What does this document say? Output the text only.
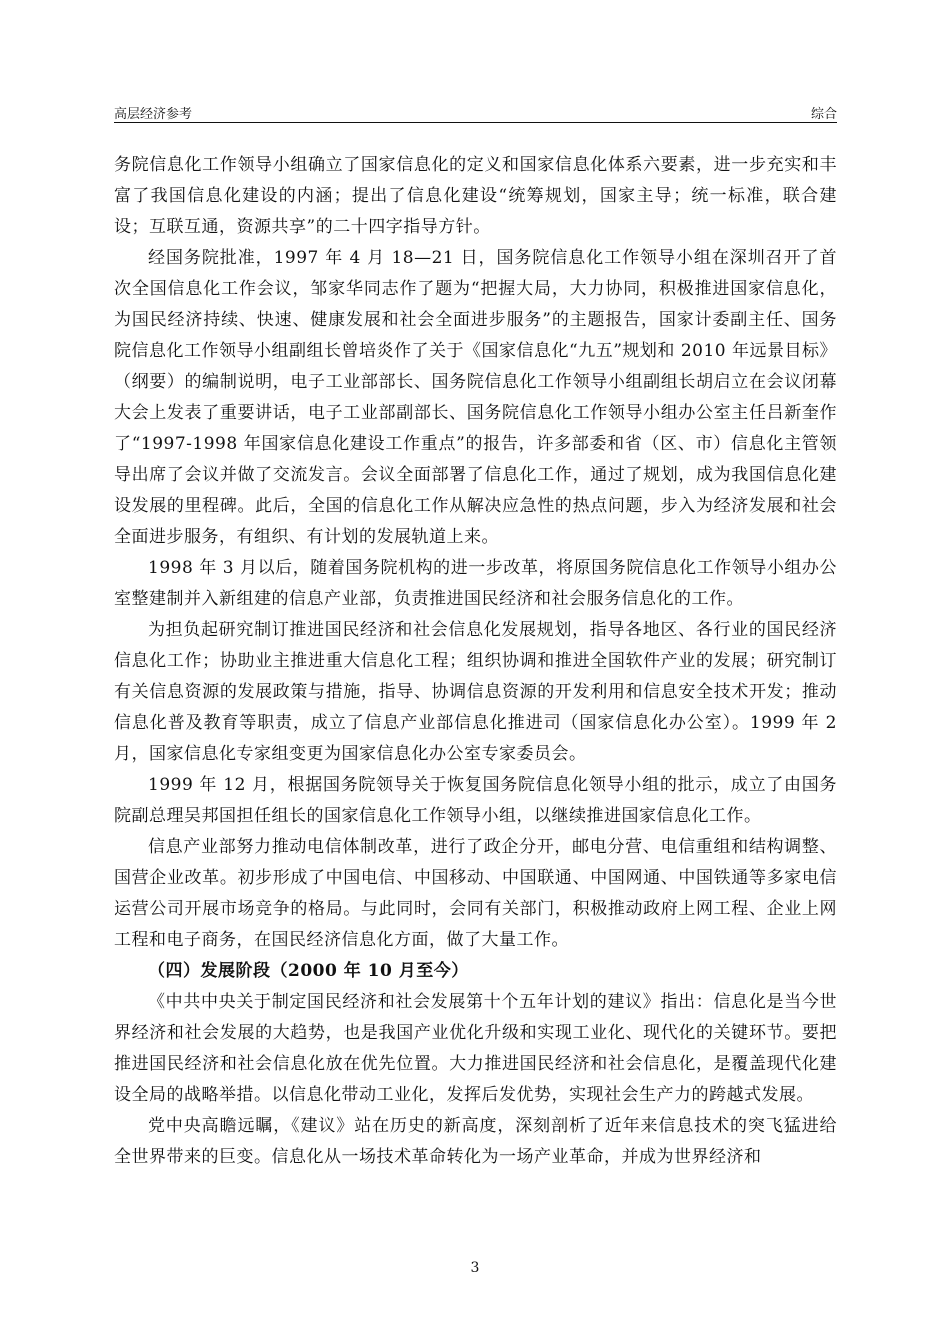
高层经济参考	综合

务院信息化工作领导小组确立了国家信息化的定义和国家信息化体系六要素，进一步充实和丰富了我国信息化建设的内涵；提出了信息化建设“统筹规划，国家主导；统一标准，联合建设；互联互通，资源共享”的二十四字指导方针。

经国务院批准，1997 年 4 月 18—21 日，国务院信息化工作领导小组在深圳召开了首次全国信息化工作会议，邹家华同志作了题为“把握大局，大力协同，积极推进国家信息化，为国民经济持续、快速、健康发展和社会全面进步服务”的主题报告，国家计委副主任、国务院信息化工作领导小组副组长曾培炎作了关于《国家信息化“九五”规划和 2010 年远景目标》（纲要）的编制说明，电子工业部部长、国务院信息化工作领导小组副组长胡启立在会议闭幕大会上发表了重要讲话，电子工业部副部长、国务院信息化工作领导小组办公室主任吕新奎作了“1997-1998 年国家信息化建设工作重点”的报告，许多部委和省（区、市）信息化主管领导出席了会议并做了交流发言。会议全面部署了信息化工作，通过了规划，成为我国信息化建设发展的里程碑。此后，全国的信息化工作从解决应急性的热点问题，步入为经济发展和社会全面进步服务，有组织、有计划的发展轨道上来。

1998 年 3 月以后，随着国务院机构的进一步改革，将原国务院信息化工作领导小组办公室整建制并入新组建的信息产业部，负责推进国民经济和社会服务信息化的工作。

为担负起研究制订推进国民经济和社会信息化发展规划，指导各地区、各行业的国民经济信息化工作；协助业主推进重大信息化工程；组织协调和推进全国软件产业的发展；研究制订有关信息资源的发展政策与措施，指导、协调信息资源的开发利用和信息安全技术开发；推动信息化普及教育等职责，成立了信息产业部信息化推进司（国家信息化办公室）。1999 年 2 月，国家信息化专家组变更为国家信息化办公室专家委员会。

1999 年 12 月，根据国务院领导关于恢复国务院信息化领导小组的批示，成立了由国务院副总理吴邦国担任组长的国家信息化工作领导小组，以继续推进国家信息化工作。

信息产业部努力推动电信体制改革，进行了政企分开，邮电分营、电信重组和结构调整、国营企业改革。初步形成了中国电信、中国移动、中国联通、中国网通、中国铁通等多家电信运营公司开展市场竞争的格局。与此同时，会同有关部门，积极推动政府上网工程、企业上网工程和电子商务，在国民经济信息化方面，做了大量工作。

（四）发展阶段（2000 年 10 月至今）

《中共中央关于制定国民经济和社会发展第十个五年计划的建议》指出：信息化是当今世界经济和社会发展的大趋势，也是我国产业优化升级和实现工业化、现代化的关键环节。要把推进国民经济和社会信息化放在优先位置。大力推进国民经济和社会信息化，是覆盖现代化建设全局的战略举措。以信息化带动工业化，发挥后发优势，实现社会生产力的跨越式发展。

党中央高瞻远瞩，《建议》站在历史的新高度，深刻剖析了近年来信息技术的突飞猛进给全世界带来的巨变。信息化从一场技术革命转化为一场产业革命，并成为世界经济和

3
